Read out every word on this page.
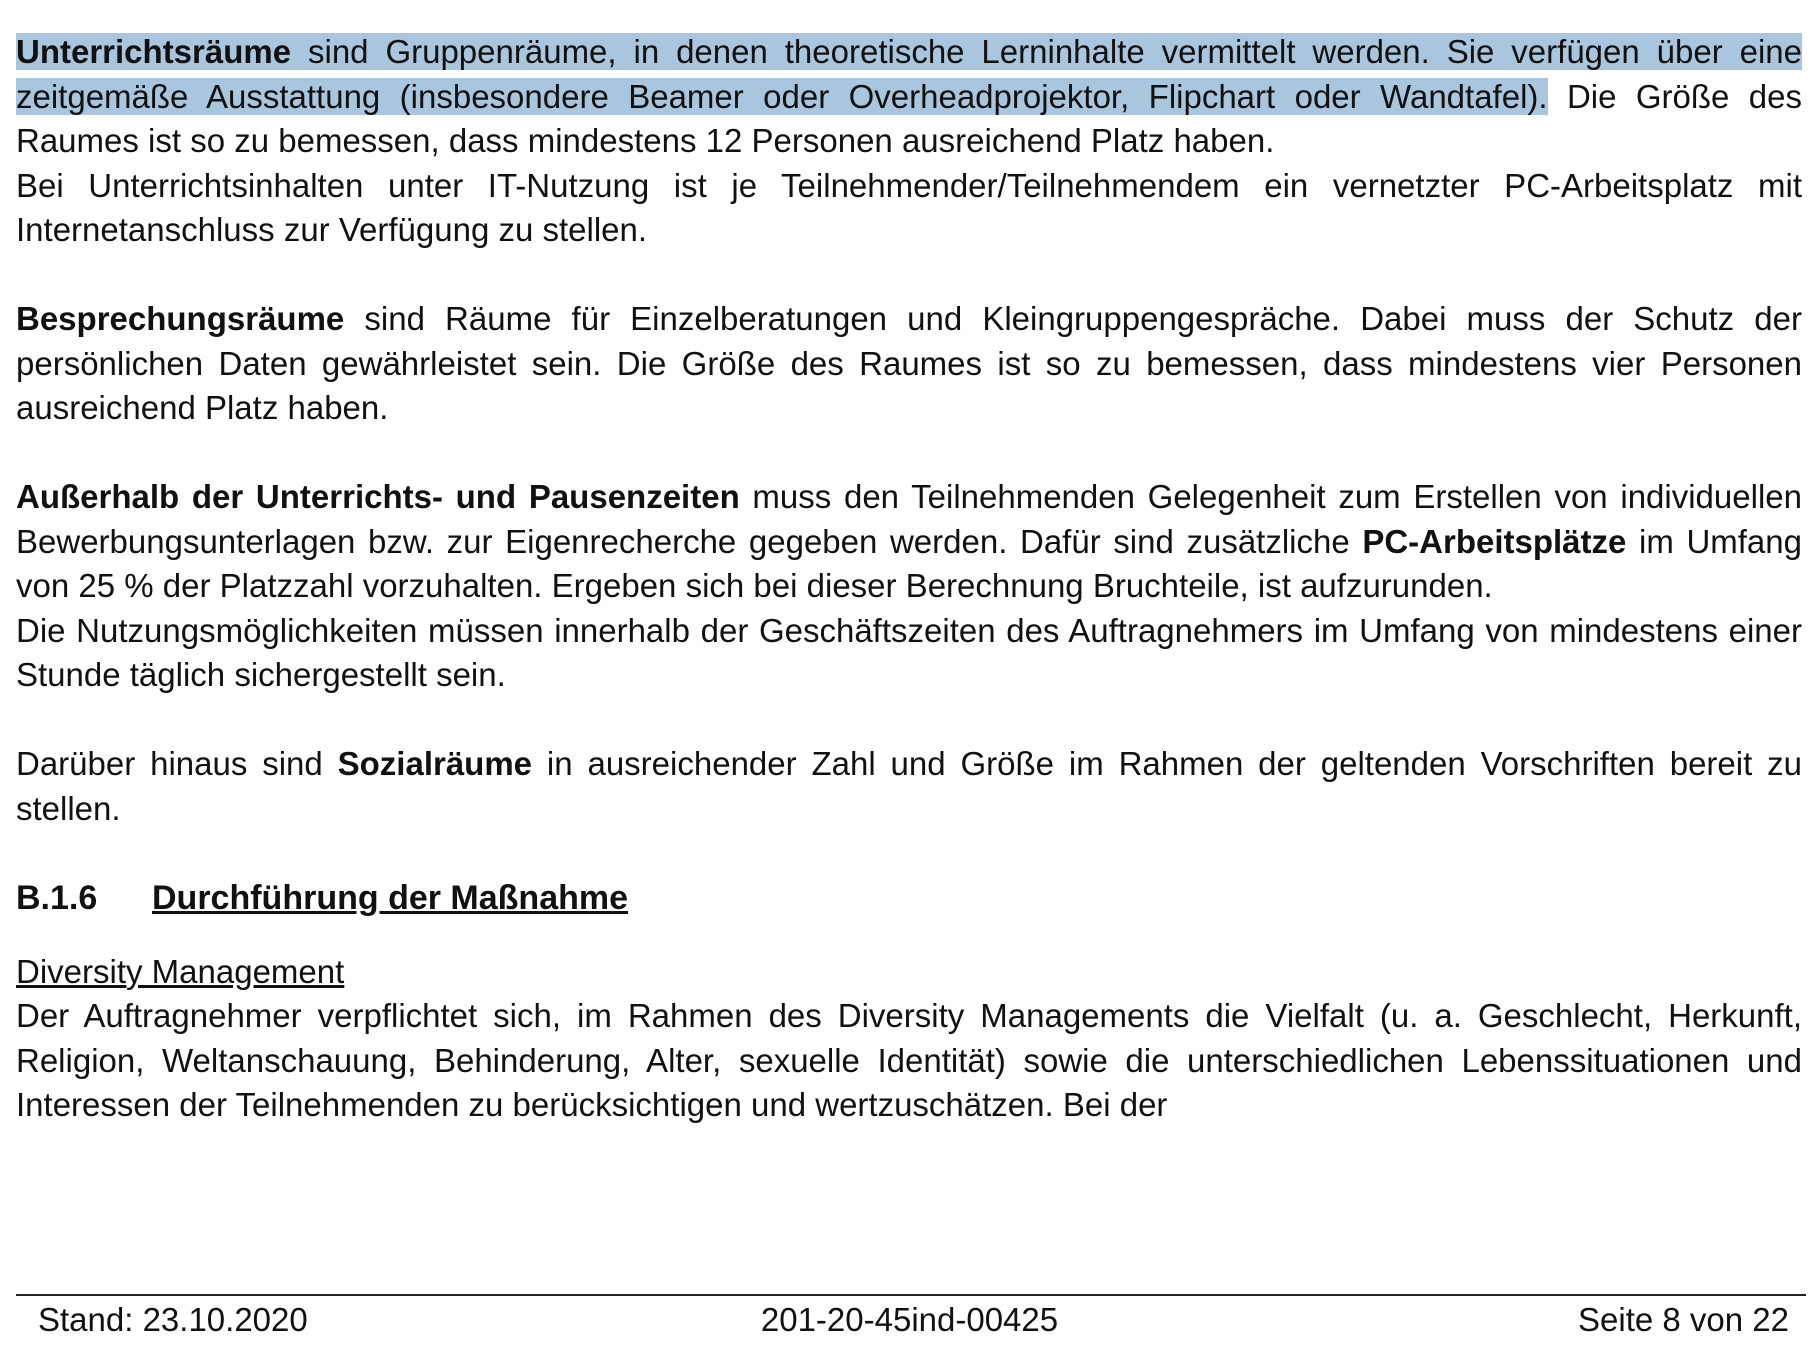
Unterrichtsräume sind Gruppenräume, in denen theoretische Lerninhalte vermittelt werden. Sie verfügen über eine zeitgemäße Ausstattung (insbesondere Beamer oder Overheadprojektor, Flipchart oder Wandtafel). Die Größe des Raumes ist so zu bemessen, dass mindestens 12 Personen ausreichend Platz haben.

Bei Unterrichtsinhalten unter IT-Nutzung ist je Teilnehmender/Teilnehmendem ein vernetzter PC-Arbeitsplatz mit Internetanschluss zur Verfügung zu stellen.

Besprechungsräume sind Räume für Einzelberatungen und Kleingruppengespräche. Dabei muss der Schutz der persönlichen Daten gewährleistet sein. Die Größe des Raumes ist so zu bemessen, dass mindestens vier Personen ausreichend Platz haben.

Außerhalb der Unterrichts- und Pausenzeiten muss den Teilnehmenden Gelegenheit zum Erstellen von individuellen Bewerbungsunterlagen bzw. zur Eigenrecherche gegeben werden. Dafür sind zusätzliche PC-Arbeitsplätze im Umfang von 25 % der Platzzahl vorzuhalten. Ergeben sich bei dieser Berechnung Bruchteile, ist aufzurunden.

Die Nutzungsmöglichkeiten müssen innerhalb der Geschäftszeiten des Auftragnehmers im Umfang von mindestens einer Stunde täglich sichergestellt sein.

Darüber hinaus sind Sozialräume in ausreichender Zahl und Größe im Rahmen der geltenden Vorschriften bereit zu stellen.

B.1.6 Durchführung der Maßnahme

Diversity Management

Der Auftragnehmer verpflichtet sich, im Rahmen des Diversity Managements die Vielfalt (u. a. Geschlecht, Herkunft, Religion, Weltanschauung, Behinderung, Alter, sexuelle Identität) sowie die unterschiedlichen Lebenssituationen und Interessen der Teilnehmenden zu berücksichtigen und wertzuschätzen. Bei der

201-20-45ind-00425
Stand: 23.10.2020	Seite 8 von 22
